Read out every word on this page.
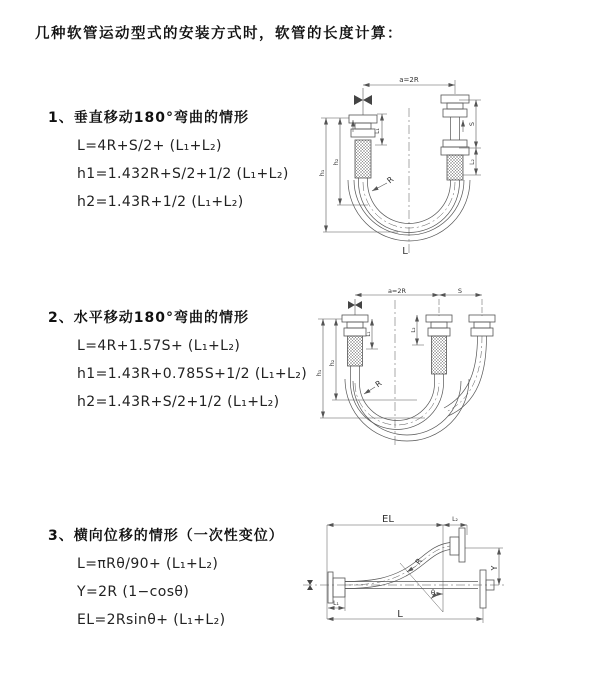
几种软管运动型式的安装方式时，软管的长度计算：
1、垂直移动180°弯曲的情形
L=4R+S/2+ (L₁+L₂)
h1=1.432R+S/2+1/2 (L₁+L₂)
h2=1.43R+1/2 (L₁+L₂)
2、水平移动180°弯曲的情形
L=4R+1.57S+ (L₁+L₂)
h1=1.43R+0.785S+1/2 (L₁+L₂)
h2=1.43R+S/2+1/2 (L₁+L₂)
3、横向位移的情形（一次性变位）
L=πRθ/90+ (L₁+L₂)
Y=2R (1−cosθ)
EL=2Rsinθ+ (L₁+L₂)
a=2R
L₁
h₁
h₂
S
L₂
R
L
a=2R	S
L₁
L₂
h₁
h₂
R
EL	L₂
Y
L
L₁
R
θ
